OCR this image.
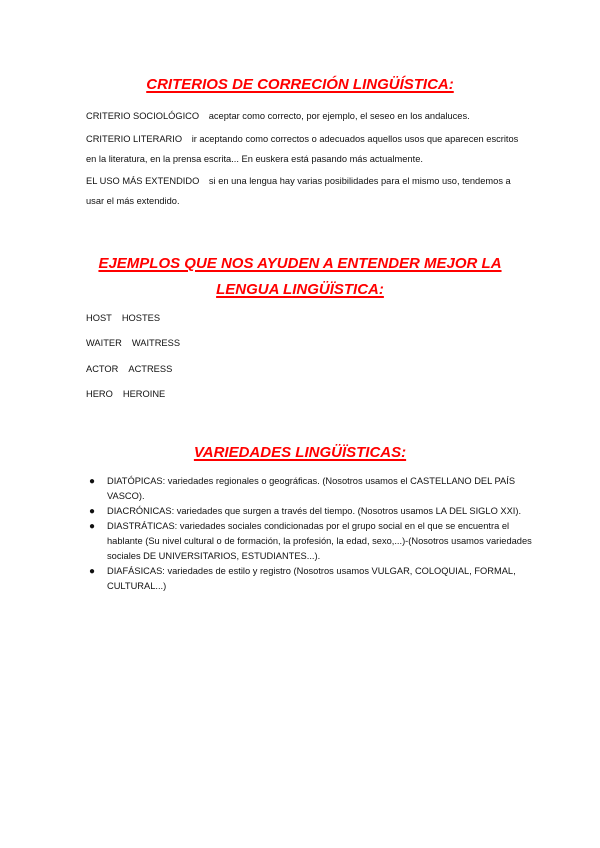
CRITERIOS DE CORRECIÓN LINGÜÍSTICA:
CRITERIO SOCIOLÓGICO aceptar como correcto, por ejemplo, el seseo en los andaluces.
CRITERIO LITERARIO ir aceptando como correctos o adecuados aquellos usos que aparecen escritos en la literatura, en la prensa escrita... En euskera está pasando más actualmente.
EL USO MÁS EXTENDIDO si en una lengua hay varias posibilidades para el mismo uso, tendemos a usar el más extendido.
EJEMPLOS QUE NOS AYUDEN A ENTENDER MEJOR LA
LENGUA LINGÜÏSTICA:
HOST HOSTES
WAITER WAITRESS
ACTOR ACTRESS
HERO HEROINE
VARIEDADES LINGÜÏSTICAS:
● DIATÓPICAS: variedades regionales o geográficas. (Nosotros usamos el CASTELLANO DEL PAÍS VASCO).
● DIACRÓNICAS: variedades que surgen a través del tiempo. (Nosotros usamos LA DEL SIGLO XXI).
● DIASTRÁTICAS: variedades sociales condicionadas por el grupo social en el que se encuentra el hablante (Su nivel cultural o de formación, la profesión, la edad, sexo,...)-(Nosotros usamos variedades sociales DE UNIVERSITARIOS, ESTUDIANTES...).
● DIAFÁSICAS: variedades de estilo y registro (Nosotros usamos VULGAR, COLOQUIAL, FORMAL, CULTURAL...)
